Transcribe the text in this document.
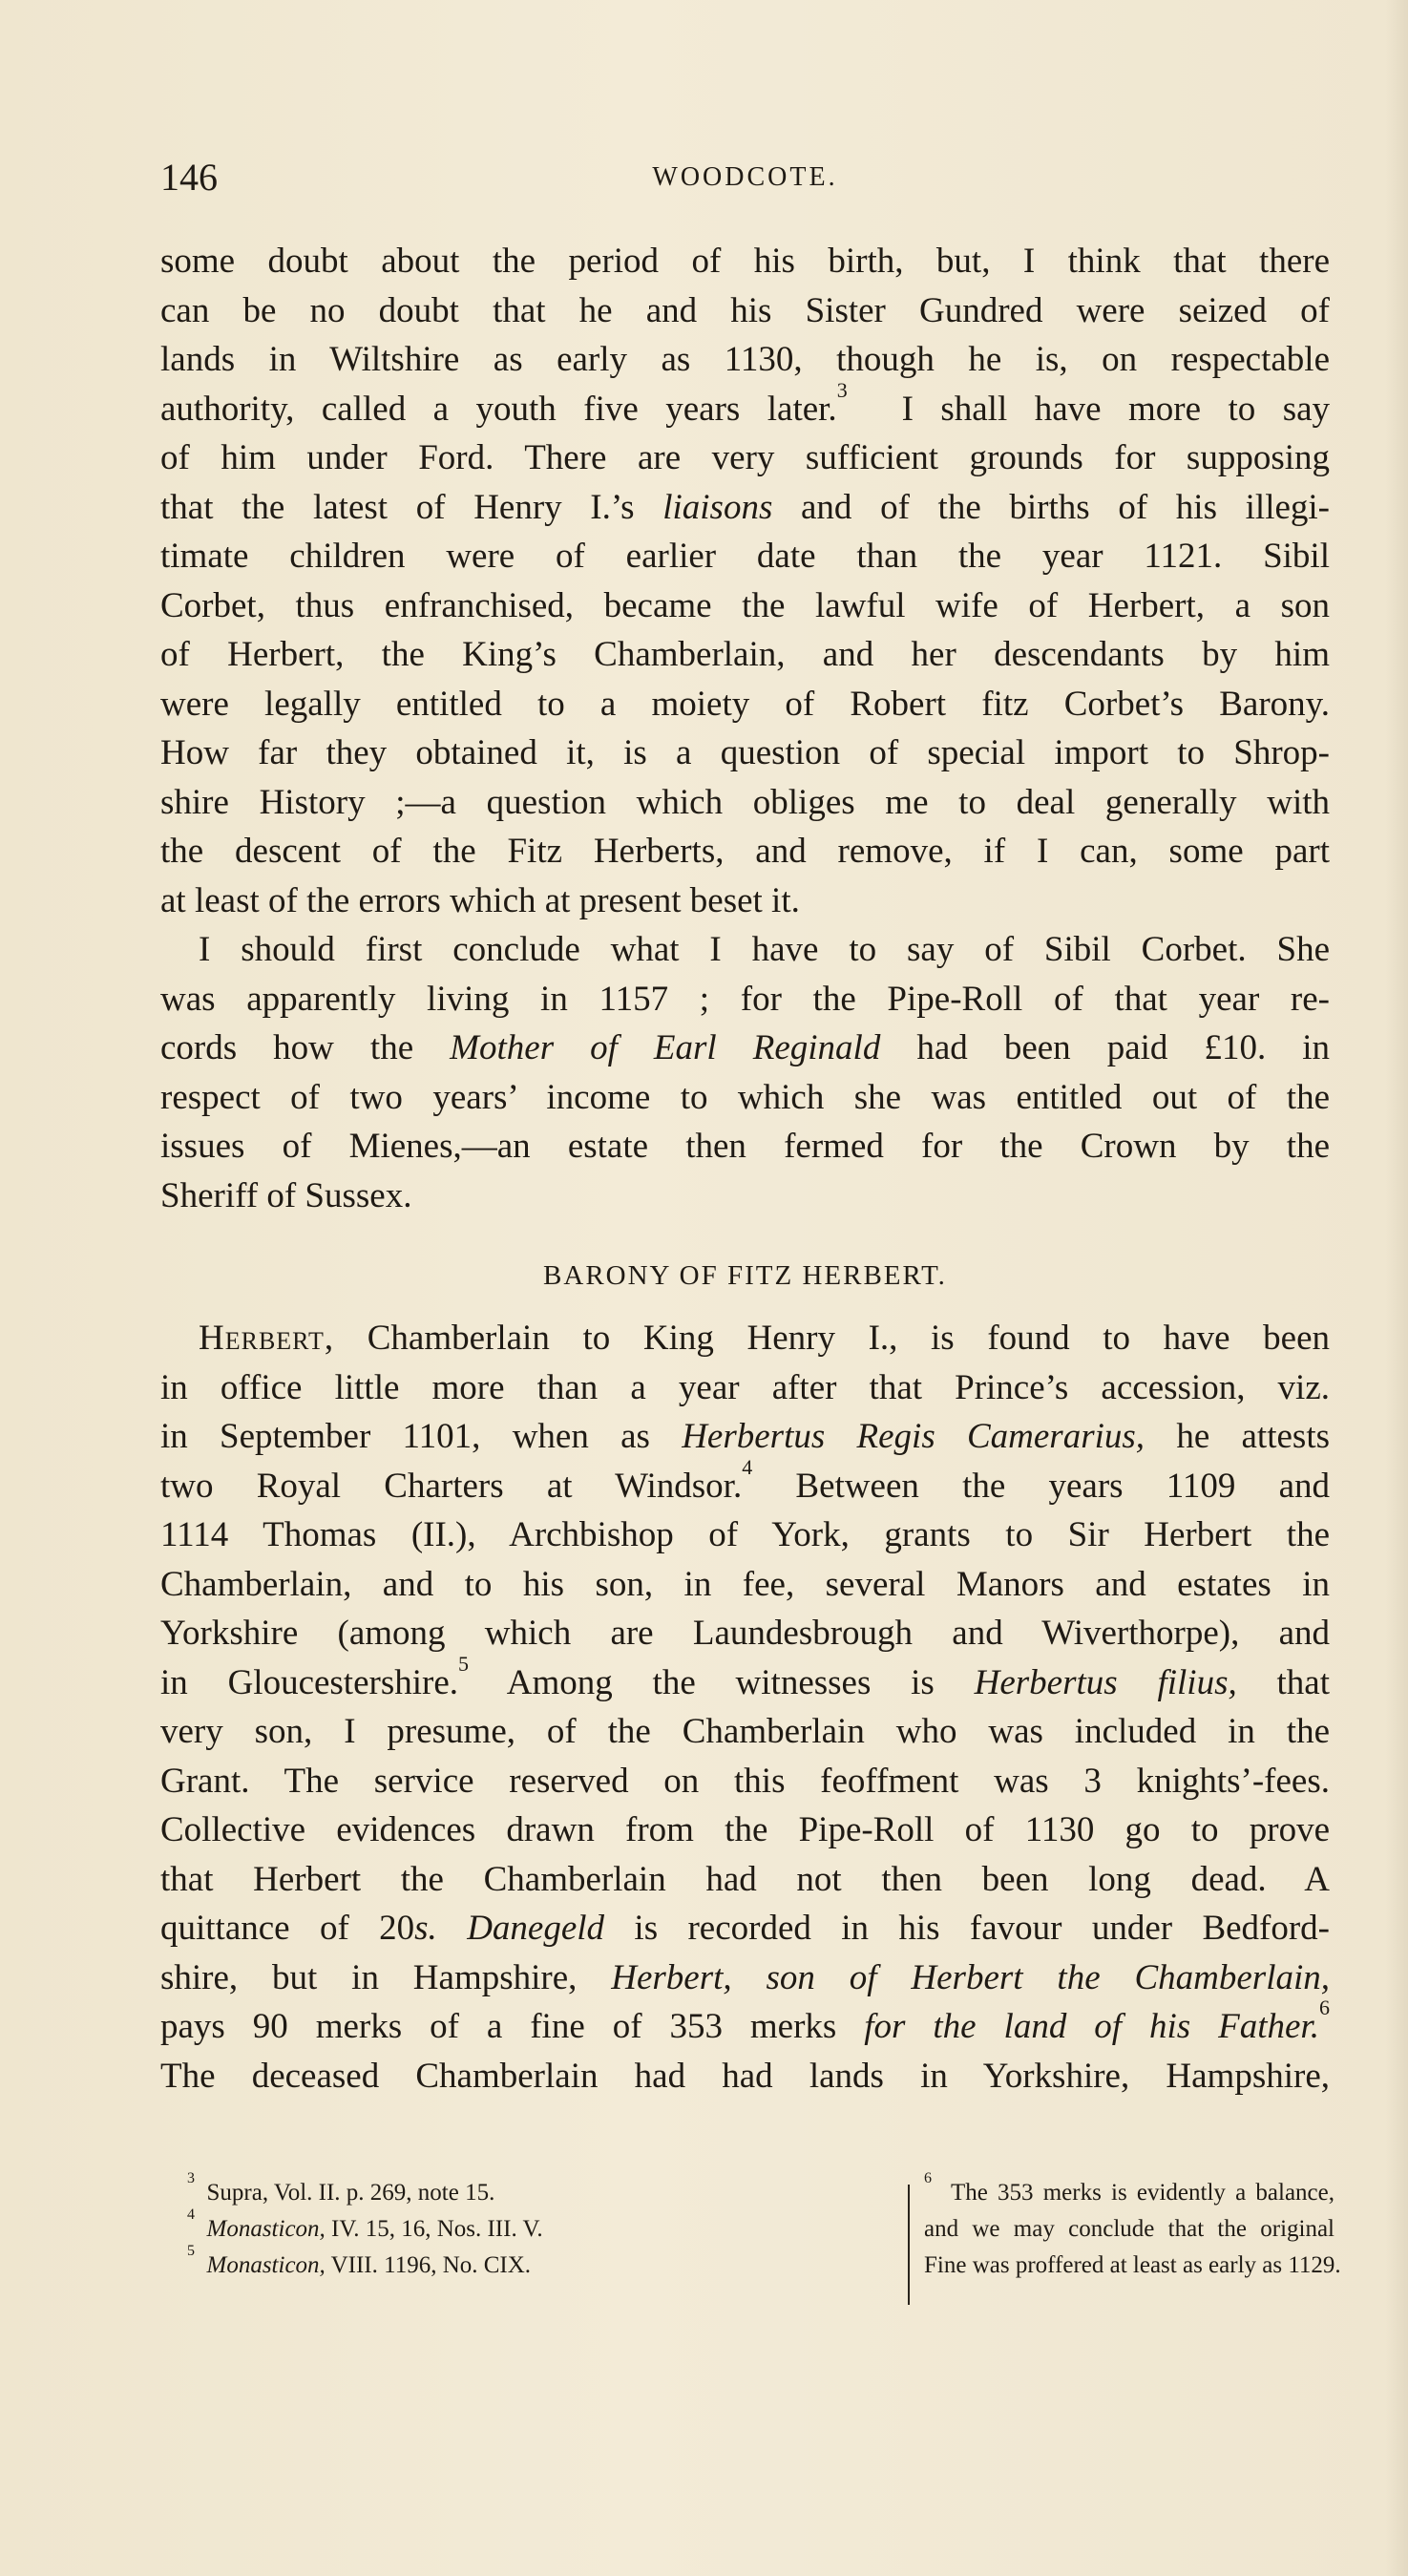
146	WOODCOTE.
some doubt about the period of his birth, but, I think that there
can be no doubt that he and his Sister Gundred were seized of
lands in Wiltshire as early as 1130, though he is, on respectable
authority, called a youth five years later.$^3$ I shall have more to say
of him under Ford. There are very sufficient grounds for supposing
that the latest of Henry I.’s liaisons and of the births of his illegi-
timate children were of earlier date than the year 1121. Sibil
Corbet, thus enfranchised, became the lawful wife of Herbert, a son
of Herbert, the King’s Chamberlain, and her descendants by him
were legally entitled to a moiety of Robert fitz Corbet’s Barony.
How far they obtained it, is a question of special import to Shrop-
shire History ;—a question which obliges me to deal generally with
the descent of the Fitz Herberts, and remove, if I can, some part
at least of the errors which at present beset it.
I should first conclude what I have to say of Sibil Corbet. She
was apparently living in 1157 ; for the Pipe-Roll of that year re-
cords how the Mother of Earl Reginald had been paid £10. in
respect of two years’ income to which she was entitled out of the
issues of Mienes,—an estate then fermed for the Crown by the
Sheriff of Sussex.
BARONY OF FITZ HERBERT.
Herbert, Chamberlain to King Henry I., is found to have been
in office little more than a year after that Prince’s accession, viz.
in September 1101, when as Herbertus Regis Camerarius, he attests
two Royal Charters at Windsor.$^4$ Between the years 1109 and
1114 Thomas (II.), Archbishop of York, grants to Sir Herbert the
Chamberlain, and to his son, in fee, several Manors and estates in
Yorkshire (among which are Laundesbrough and Wiverthorpe), and
in Gloucestershire.$^5$ Among the witnesses is Herbertus filius, that
very son, I presume, of the Chamberlain who was included in the
Grant. The service reserved on this feoffment was 3 knights’-fees.
Collective evidences drawn from the Pipe-Roll of 1130 go to prove
that Herbert the Chamberlain had not then been long dead. A
quittance of 20s. Danegeld is recorded in his favour under Bedford-
shire, but in Hampshire, Herbert, son of Herbert the Chamberlain,
pays 90 merks of a fine of 353 merks for the land of his Father.$^6$
The deceased Chamberlain had had lands in Yorkshire, Hampshire,
$^3$  Supra, Vol. II. p. 269, note 15.
$^4$  Monasticon, IV. 15, 16, Nos. III. V.
$^5$  Monasticon, VIII. 1196, No. CIX.
$^6$  The 353 merks is evidently a balance,
and we may conclude that the original
Fine was proffered at least as early as 1129.
